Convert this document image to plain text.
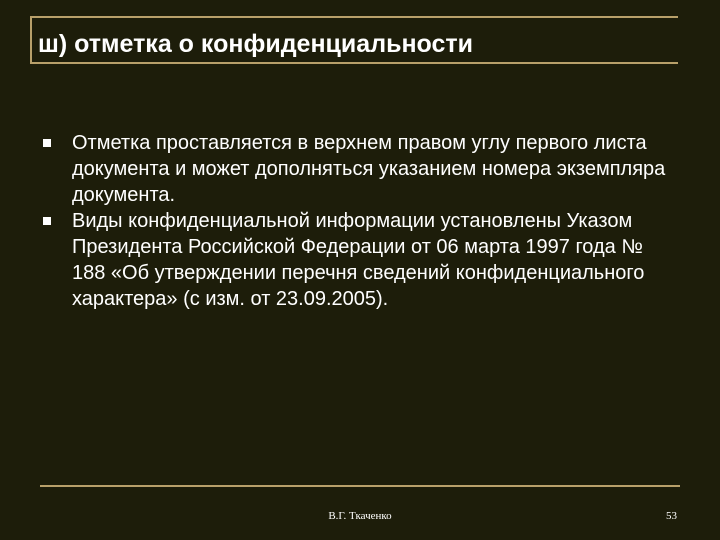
ш) отметка о конфиденциальности
Отметка проставляется в верхнем правом углу первого листа документа и может дополняться указанием номера экземпляра документа.
Виды конфиденциальной информации установлены Указом Президента Российской Федерации от 06 марта 1997 года № 188 «Об утверждении перечня сведений конфиденциального характера» (с изм. от 23.09.2005).
В.Г. Ткаченко	53
